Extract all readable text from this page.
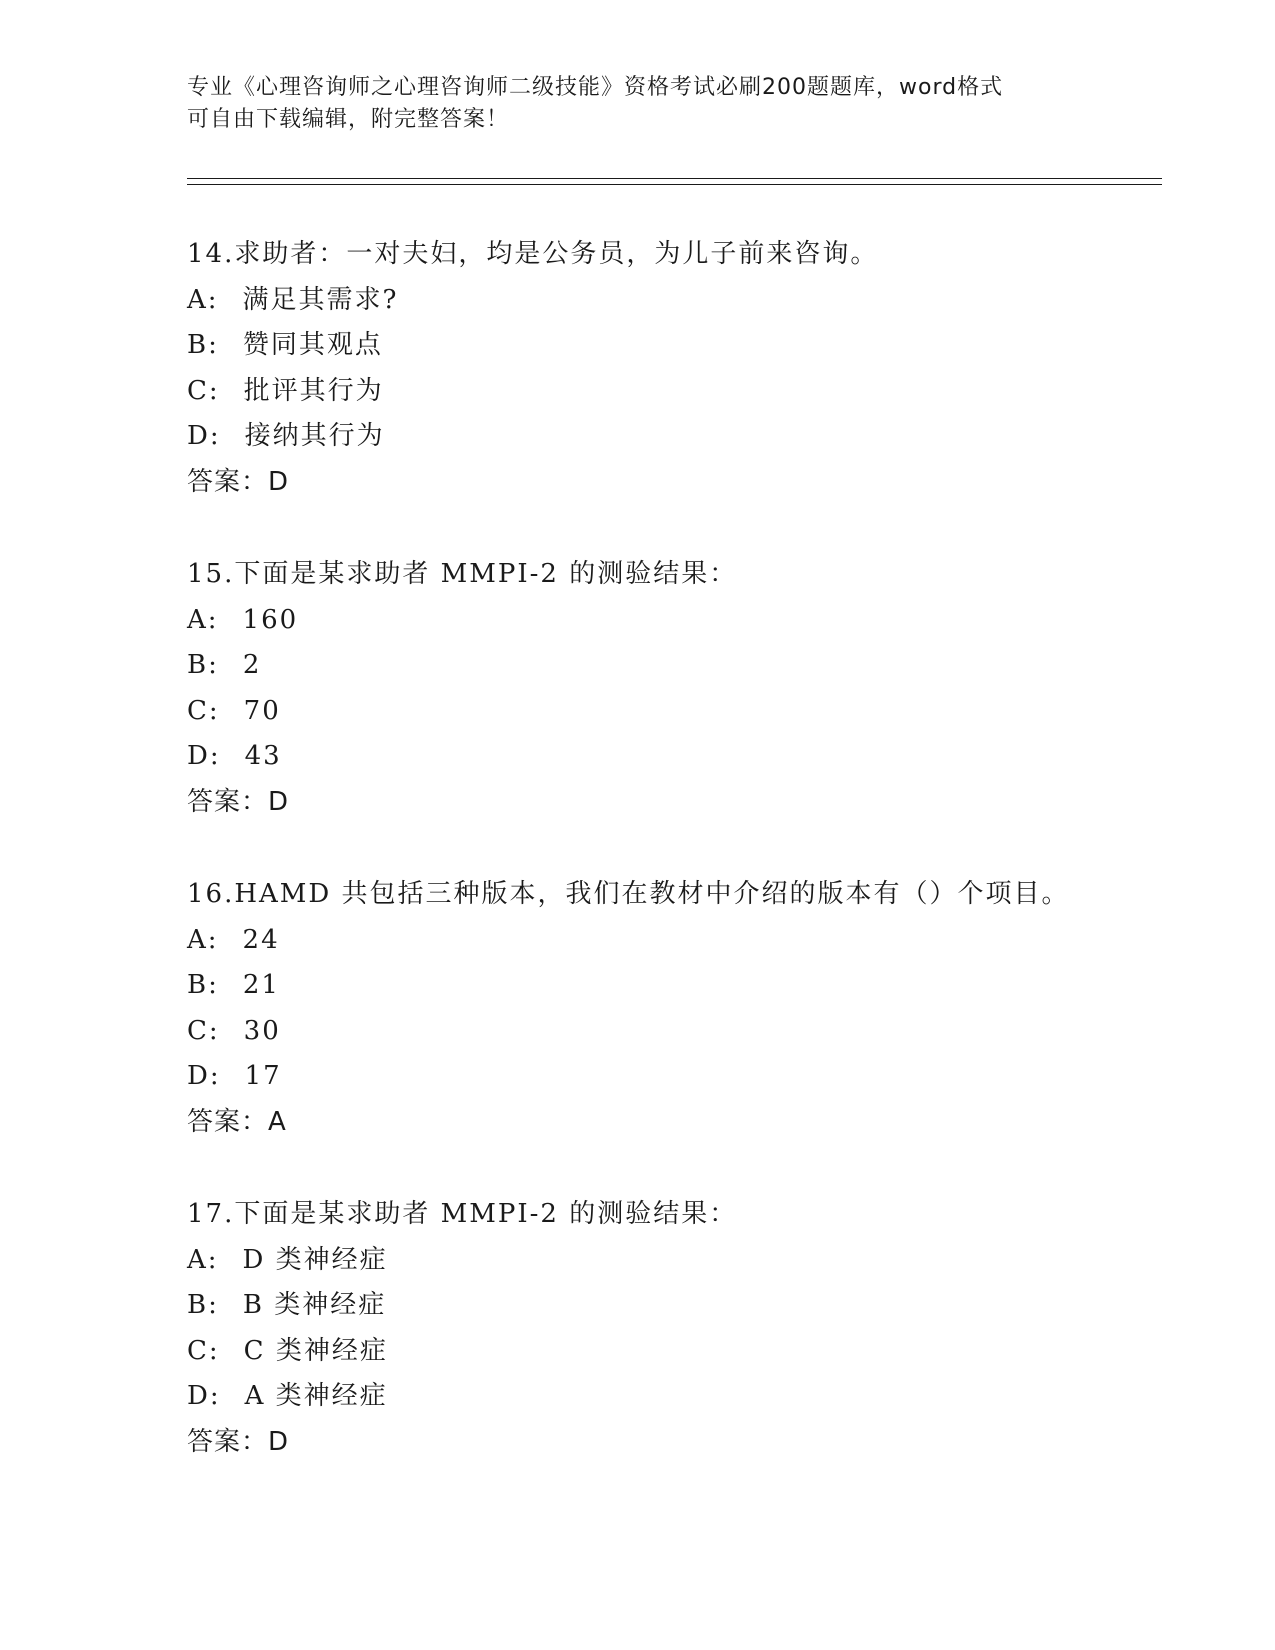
专业《心理咨询师之心理咨询师二级技能》资格考试必刷200题题库，word格式
可自由下载编辑，附完整答案！
14.求助者：一对夫妇，均是公务员，为儿子前来咨询。
A: 满足其需求?
B: 赞同其观点
C: 批评其行为
D: 接纳其行为
答案：D
15.下面是某求助者 MMPI-2 的测验结果：
A: 160
B: 2
C: 70
D: 43
答案：D
16.HAMD 共包括三种版本，我们在教材中介绍的版本有（）个项目。
A: 24
B: 21
C: 30
D: 17
答案：A
17.下面是某求助者 MMPI-2 的测验结果：
A: D 类神经症
B: B 类神经症
C: C 类神经症
D: A 类神经症
答案：D
